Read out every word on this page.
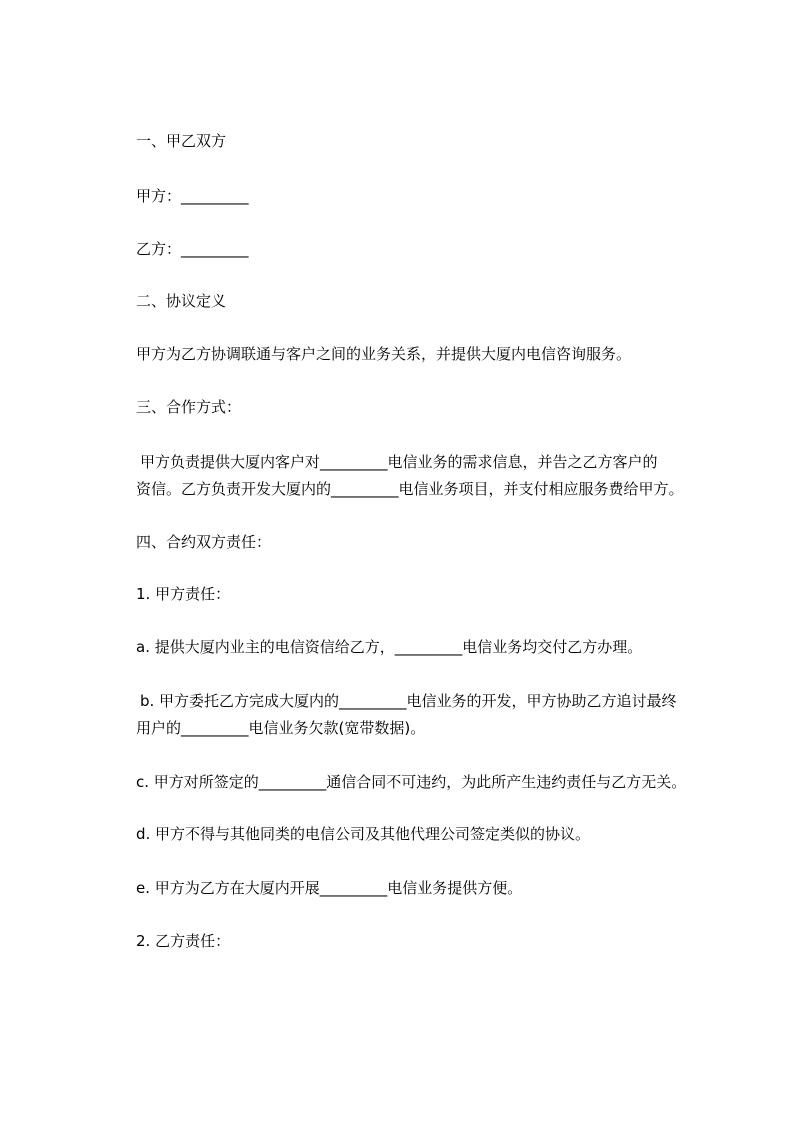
一、甲乙双方
甲方：_________
乙方：_________
二、协议定义
甲方为乙方协调联通与客户之间的业务关系，并提供大厦内电信咨询服务。
三、合作方式：
甲方负责提供大厦内客户对_________电信业务的需求信息，并告之乙方客户的
资信。乙方负责开发大厦内的_________电信业务项目，并支付相应服务费给甲方。
四、合约双方责任：
1. 甲方责任：
a. 提供大厦内业主的电信资信给乙方，_________电信业务均交付乙方办理。
b. 甲方委托乙方完成大厦内的_________电信业务的开发，甲方协助乙方追讨最终
用户的_________电信业务欠款(宽带数据)。
c. 甲方对所签定的_________通信合同不可违约，为此所产生违约责任与乙方无关。
d. 甲方不得与其他同类的电信公司及其他代理公司签定类似的协议。
e. 甲方为乙方在大厦内开展_________电信业务提供方便。
2. 乙方责任：
